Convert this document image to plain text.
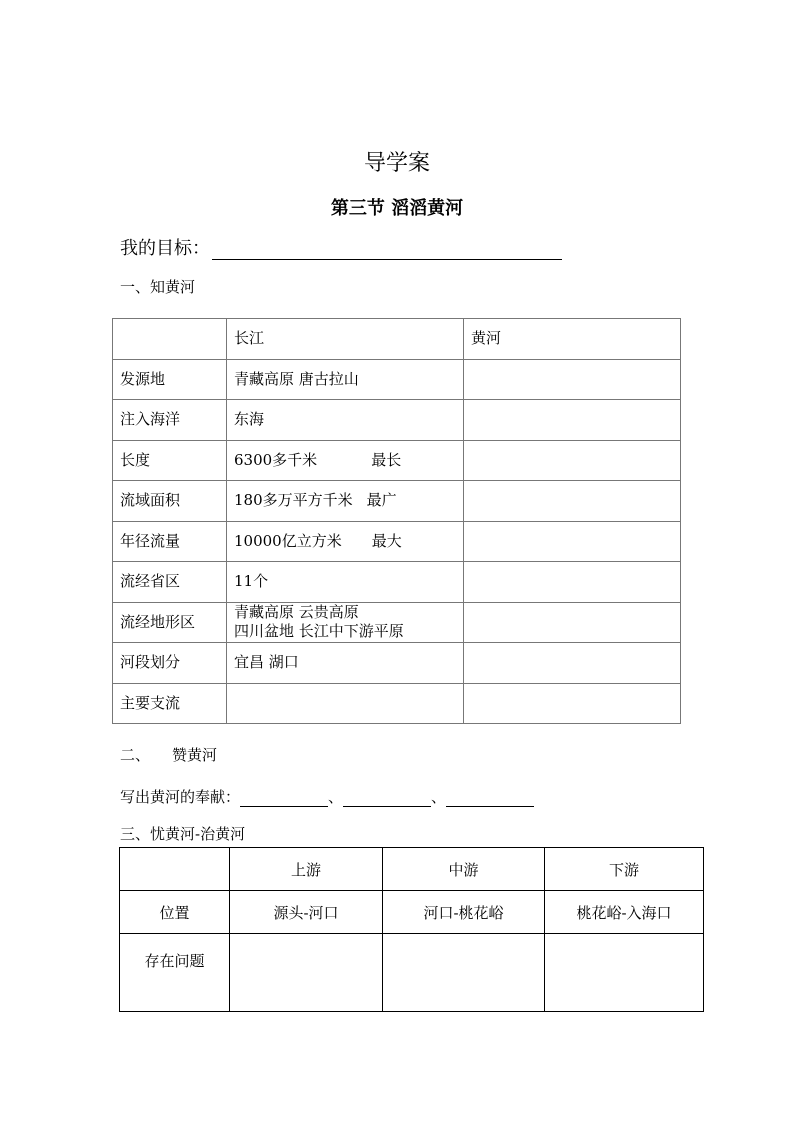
导学案
第三节 滔滔黄河
我的目标：
一、知黄河
	长江	黄河
发源地	青藏高原 唐古拉山	
注入海洋	东海	
长度	6300多千米 最长	
流域面积	180多万平方千米 最广	
年径流量	10000亿立方米 最大	
流经省区	11个	
流经地形区	青藏高原 云贵高原
四川盆地 长江中下游平原	

河段划分	宜昌 湖口	
主要支流		
二、 赞黄河
写出黄河的奉献：	、	、
三、忧黄河-治黄河
	上游	中游	下游
位置	源头-河口	河口-桃花峪	桃花峪-入海口
存在问题			
